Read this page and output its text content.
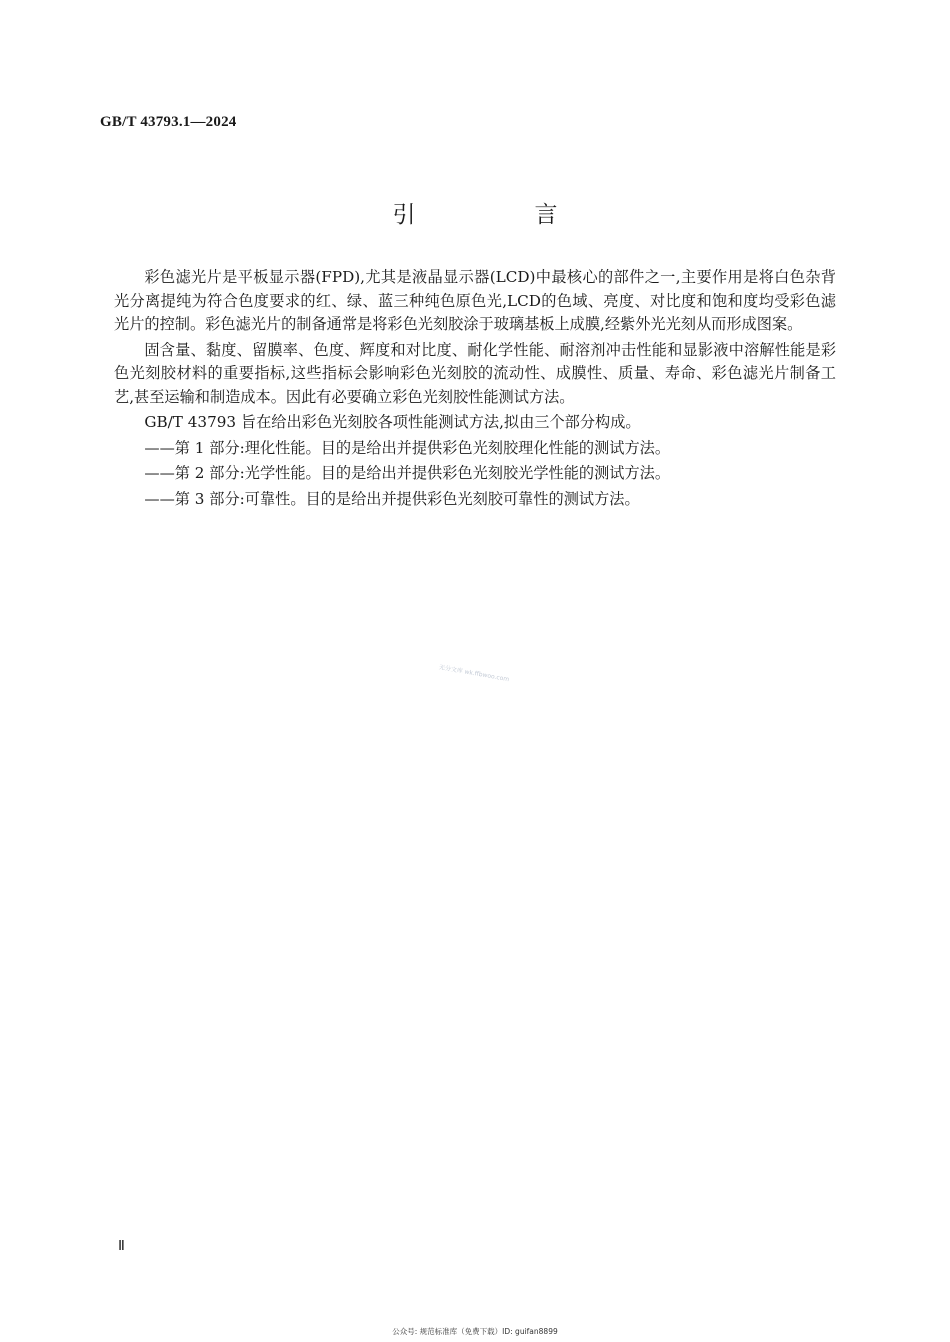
GB/T 43793.1—2024
引　言

彩色滤光片是平板显示器(FPD),尤其是液晶显示器(LCD)中最核心的部件之一,主要作用是将白色杂背光分离提纯为符合色度要求的红、绿、蓝三种纯色原色光,LCD的色域、亮度、对比度和饱和度均受彩色滤光片的控制。彩色滤光片的制备通常是将彩色光刻胶涂于玻璃基板上成膜,经紫外光光刻从而形成图案。

固含量、黏度、留膜率、色度、辉度和对比度、耐化学性能、耐溶剂冲击性能和显影液中溶解性能是彩色光刻胶材料的重要指标,这些指标会影响彩色光刻胶的流动性、成膜性、质量、寿命、彩色滤光片制备工艺,甚至运输和制造成本。因此有必要确立彩色光刻胶性能测试方法。

GB/T 43793 旨在给出彩色光刻胶各项性能测试方法,拟由三个部分构成。

——第 1 部分:理化性能。目的是给出并提供彩色光刻胶理化性能的测试方法。

——第 2 部分:光学性能。目的是给出并提供彩色光刻胶光学性能的测试方法。

——第 3 部分:可靠性。目的是给出并提供彩色光刻胶可靠性的测试方法。

无分文库 wk.ffbwoo.com
Ⅱ
公众号: 规范标准库（免费下载）ID: guifan8899
